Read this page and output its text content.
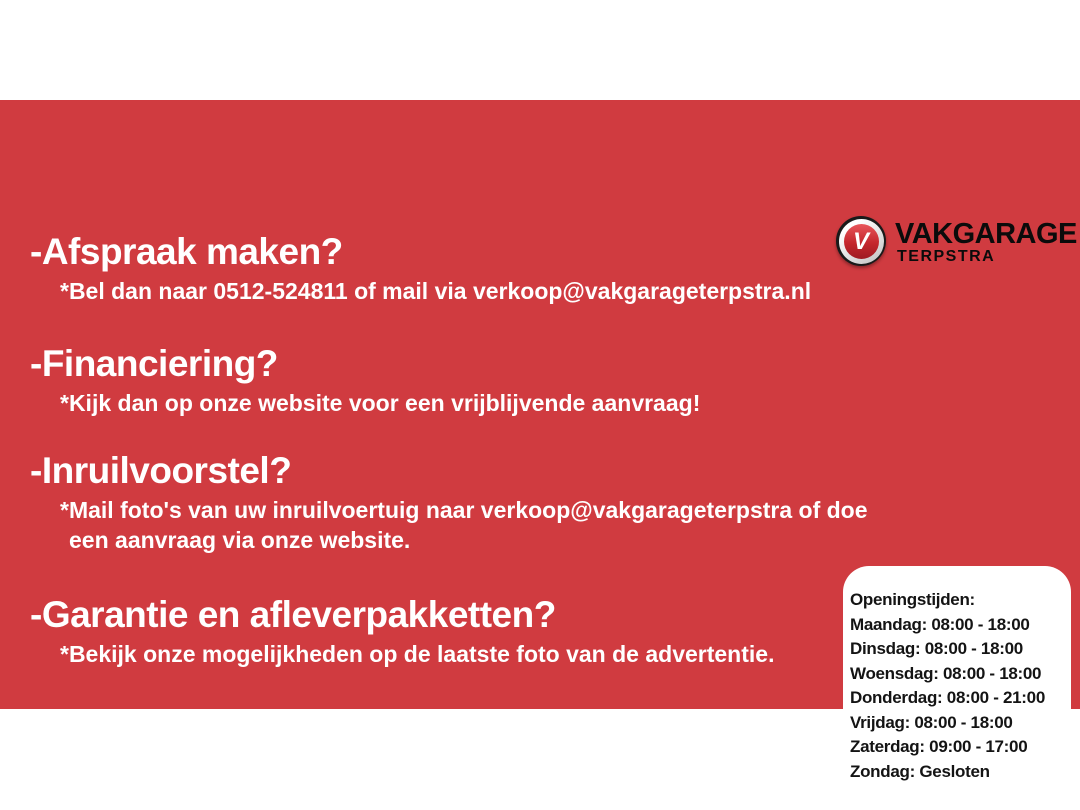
V VAKGARAGE
TERPSTRA
-Afspraak maken?
*Bel dan naar 0512-524811 of mail via verkoop@vakgarageterpstra.nl
-Financiering?
*Kijk dan op onze website voor een vrijblijvende aanvraag!
-Inruilvoorstel?
*Mail foto's van uw inruilvoertuig naar verkoop@vakgarageterpstra of doe
een aanvraag via onze website.
-Garantie en afleverpakketten?
*Bekijk onze mogelijkheden op de laatste foto van de advertentie.
-Bezoekadres?
*De Hemmen 17, 9206AS, Drachten (Friesland)
Openingstijden:
Maandag: 08:00 - 18:00
Dinsdag: 08:00 - 18:00
Woensdag: 08:00 - 18:00
Donderdag: 08:00 - 21:00
Vrijdag: 08:00 - 18:00
Zaterdag: 09:00 - 17:00
Zondag: Gesloten
